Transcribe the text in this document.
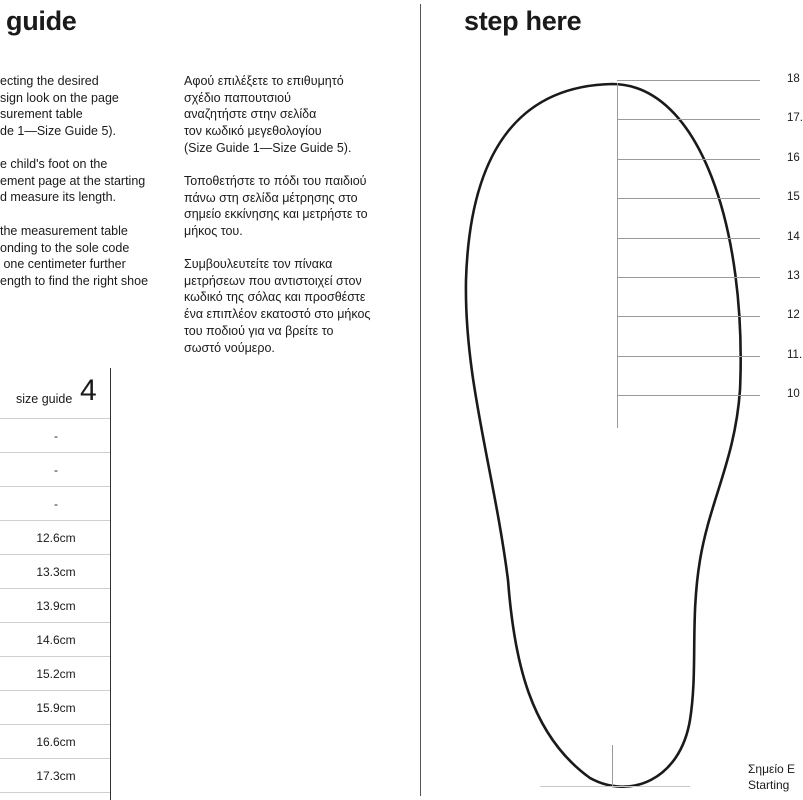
guide
ecting the desired
sign look on the page
surement table
de 1—Size Guide 5).
e child's foot on the
ement page at the starting
d measure its length.
the measurement table
onding to the sole code
one centimeter further
ength to find the right shoe

Αφού επιλέξετε το επιθυμητό
σχέδιο παπουτσιού
αναζητήστε στην σελίδα
τον κωδικό μεγεθολογίου
(Size Guide 1—Size Guide 5).
Τοποθετήστε το πόδι του παιδιού
πάνω στη σελίδα μέτρησης στο
σημείο εκκίνησης και μετρήστε το
μήκος του.
Συμβουλευτείτε τον πίνακα
μετρήσεων που αντιστοιχεί στον
κωδικό της σόλας και προσθέστε
ένα επιπλέον εκατοστό στο μήκος
του ποδιού για να βρείτε το
σωστό νούμερο.
size guide 4
-
-
-
12.6cm
13.3cm
13.9cm
14.6cm
15.2cm
15.9cm
16.6cm
17.3cm
step here
18
17.
16
15
14
13
12
11.
10
Σημείο Ε
Starting
